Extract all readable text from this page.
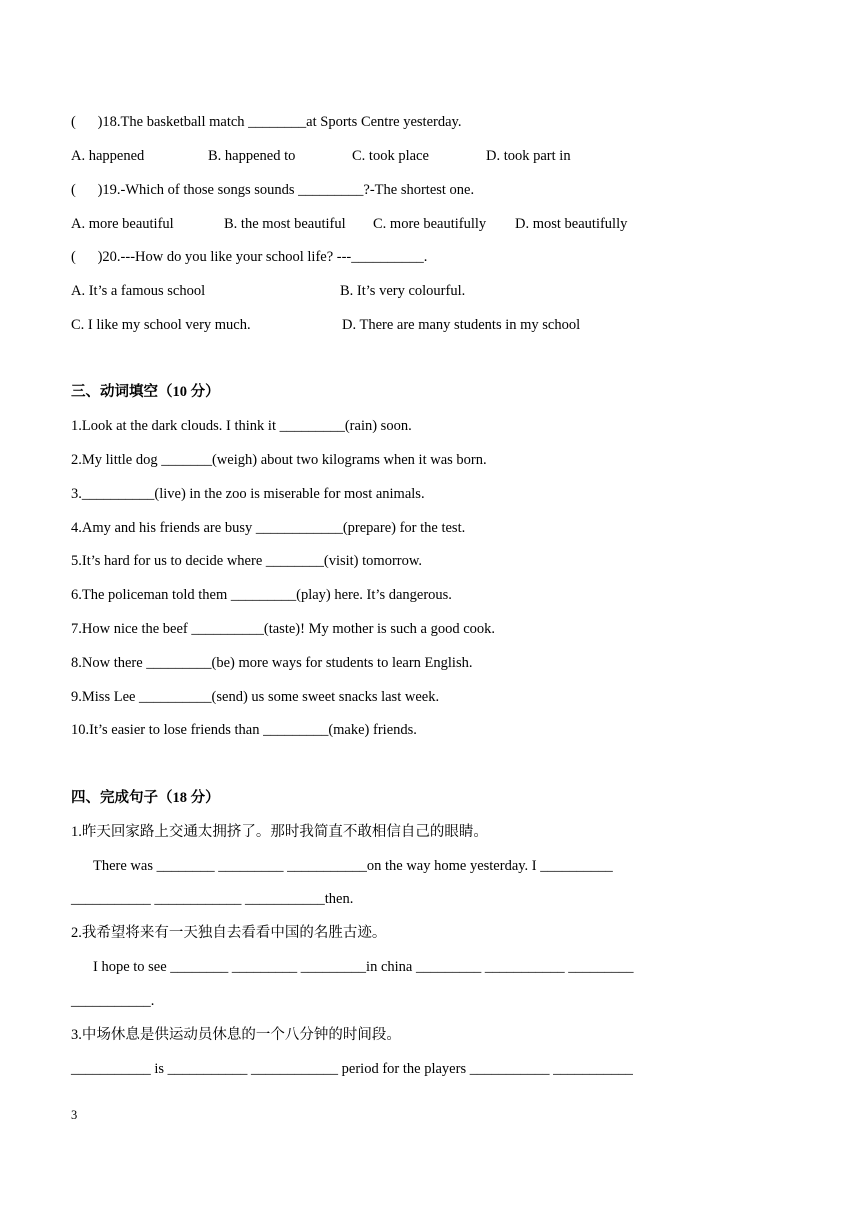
(      )18.The basketball match ________at Sports Centre yesterday.
A. happened	B. happened to	C. took place	D. took part in
(      )19.-Which of those songs sounds _________?-The shortest one.
A. more beautiful	B. the most beautiful C. more beautifully D. most beautifully
(      )20.---How do you like your school life? ---__________.
A. It’s a famous school	B. It’s very colourful.
C. I like my school very much.	D. There are many students in my school
三、动词填空（10 分）
1.Look at the dark clouds. I think it _________(rain) soon.
2.My little dog _______(weigh) about two kilograms when it was born.
3.__________(live) in the zoo is miserable for most animals.
4.Amy and his friends are busy ____________(prepare) for the test.
5.It’s hard for us to decide where ________(visit) tomorrow.
6.The policeman told them _________(play) here. It’s dangerous.
7.How nice the beef __________(taste)! My mother is such a good cook.
8.Now there _________(be) more ways for students to learn English.
9.Miss Lee __________(send) us some sweet snacks last week.
10.It’s easier to lose friends than _________(make) friends.
四、完成句子（18 分）
1.昨天回家路上交通太拥挤了。那时我简直不敢相信自己的眼睛。
There was ________ _________ ___________on the way home yesterday. I __________
___________ ____________ ___________then.
2.我希望将来有一天独自去看看中国的名胜古迹。
I hope to see ________ _________ _________in china _________ ___________ _________
___________.
3.中场休息是供运动员休息的一个八分钟的时间段。
___________ is ___________ ____________ period for the players ___________ ___________
3
